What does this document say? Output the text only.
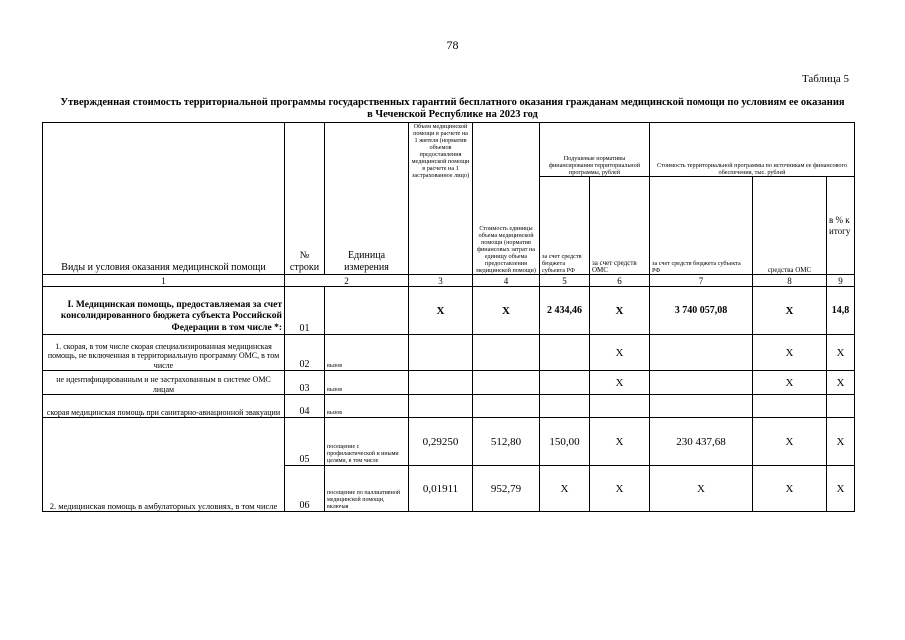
78
Таблица 5
Утвержденная стоимость территориальной программы государственных гарантий бесплатного оказания гражданам медицинской помощи по условиям ее оказания в Чеченской Республике на 2023 год
Виды и условия оказания медицинской помощи	№ строки	Единица измерения	Объем медицинской помощи в расчете на 1 жителя (норматив объемов предоставления медицинской помощи в расчете на 1 застрахованное лицо)	Стоимость единицы объема медицинской помощи (норматив финансовых затрат на единицу объема предоставления медицинской помощи)	Подушевые нормативы финансирования территориальной программы, рублей		Стоимость территориальной программы по источникам ее финансового обеспечения, тыс. рублей		
					за счет средств бюджета субъекта РФ	за счет средств ОМС	за счет средств бюджета субъекта РФ	средства ОМС	в % к итогу
1	2		3	4	5	6	7	8	9
I. Медицинская помощь, предоставляемая за счет консолидированного бюджета субъекта Российской Федерации в том числе *:	01		X	X	2 434,46	X	3 740 057,08	X	14,8
1. скорая, в том числе скорая специализированная медицинская помощь, не включенная в территориальную программу ОМС, в том числе	02	вызов				X		X	X
не идентифицированным и не застрахованным в системе ОМС лицам	03	вызов				X		X	X
скорая медицинская помощь при санитарно-авиационной эвакуации	04	вызов							
2. медицинская помощь в амбулаторных условиях, в том числе	05	посещение с профилактической и иными целями, в том числе	0,29250	512,80	150,00	X	230 437,68	X	X
	06	посещение по паллиативной медицинской помощи, включая	0,01911	952,79	X	X	X	X	X
